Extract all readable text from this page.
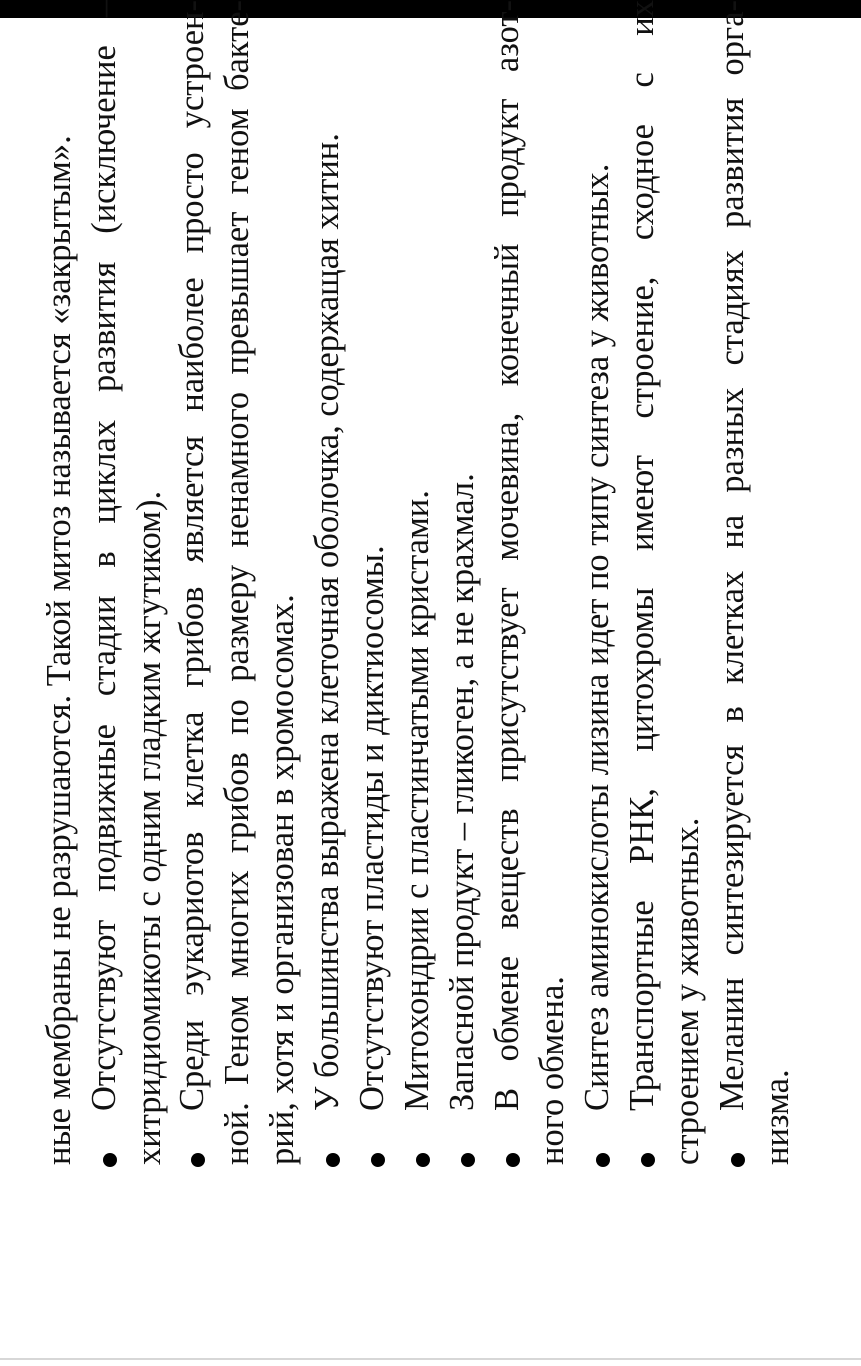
ные мембраны не разрушаются. Такой митоз называется «закрытым». Отсутствуют подвижные стадии в циклах развития (исключение – хитридиомикоты с одним гладким жгутиком). Среди эукариотов клетка грибов является наиболее просто устроен- ной. Геном многих грибов по размеру ненамного превышает геном бакте- рий, хотя и организован в хромосомах. У большинства выражена клеточная оболочка, содержащая хитин. Отсутствуют пластиды и диктиосомы. Митохондрии с пластинчатыми кристами. Запасной продукт – гликоген, а не крахмал. В обмене веществ присутствует мочевина, конечный продукт азот- ного обмена. Синтез аминокислоты лизина идет по типу синтеза у животных. Транспортные РНК, цитохромы имеют строение, сходное с их строением у животных. Меланин синтезируется в клетках на разных стадиях развития орга-
низма.
